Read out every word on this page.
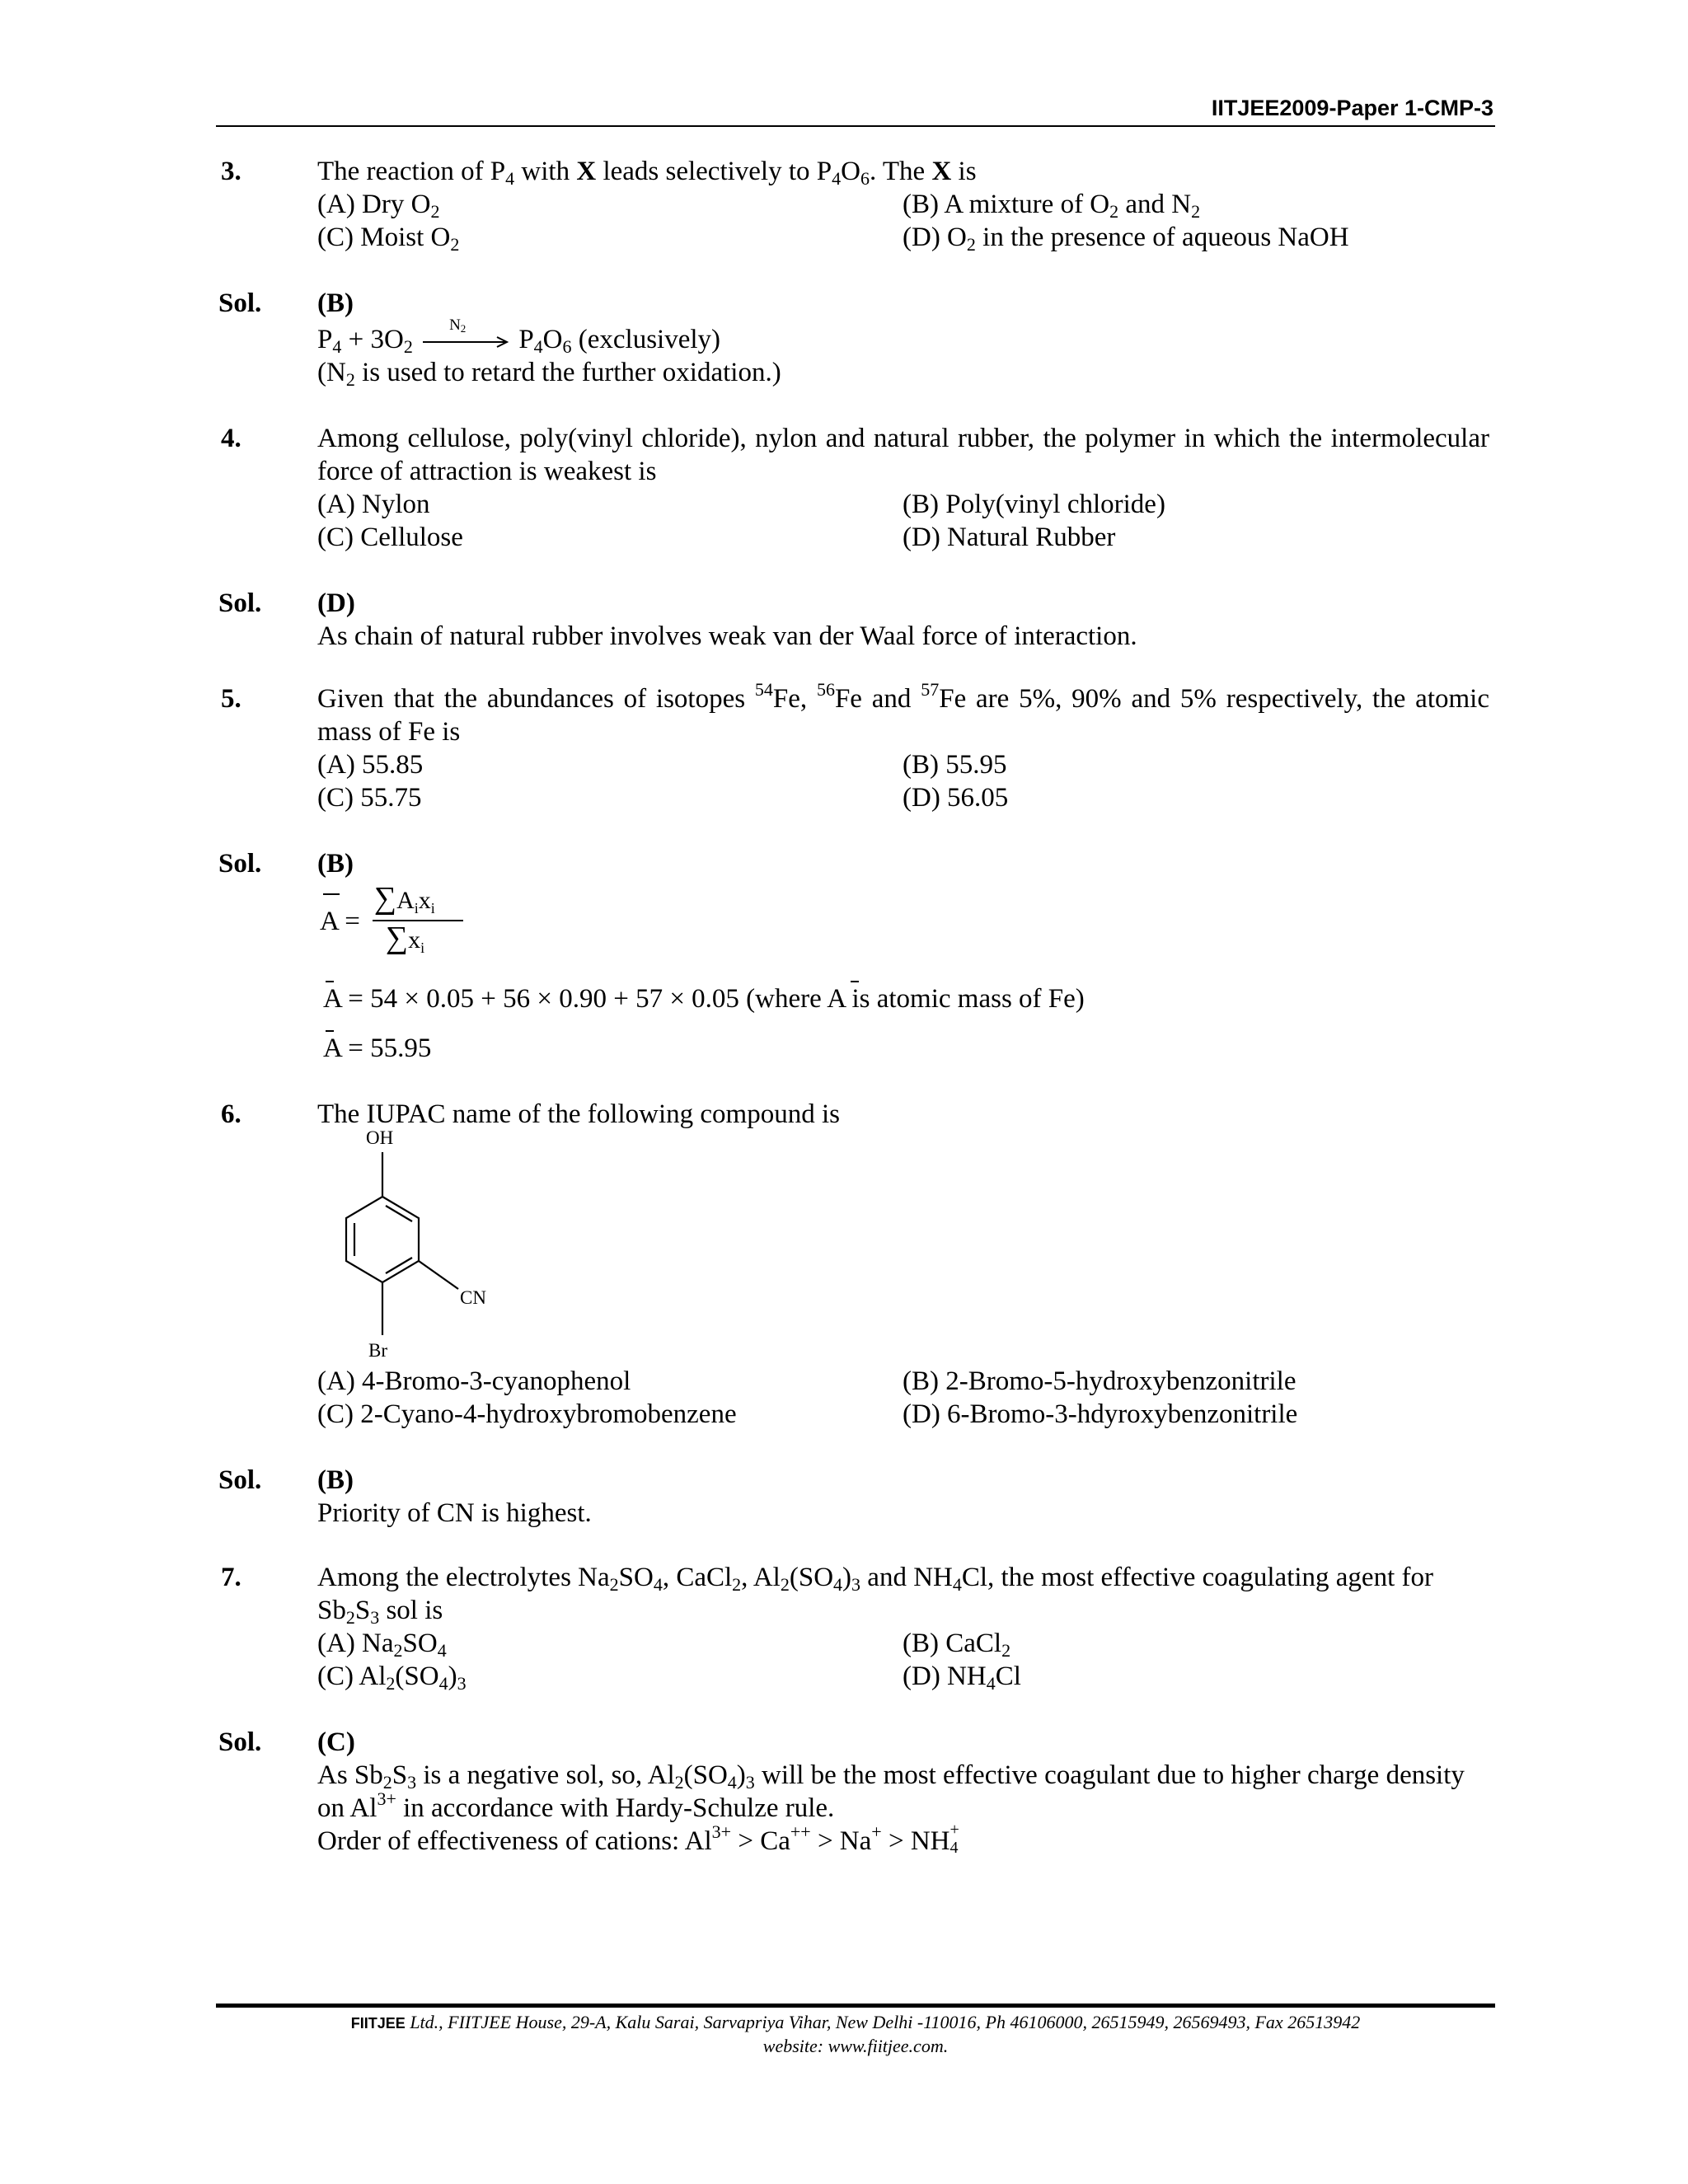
IITJEE2009-Paper 1-CMP-3
3.	The reaction of $P_4$ with X leads selectively to $P_4O_6$. The X is
(A) Dry $O_2$	(B) A mixture of $O_2$ and $N_2$
(C) Moist $O_2$	(D) $O_2$ in the presence of aqueous NaOH
Sol. (B)
$P_4 + 3O_2$
$N_2$ $P_4O_6$ (exclusively)
($N_2$ is used to retard the further oxidation.)
4.	Among cellulose, poly(vinyl chloride), nylon and natural rubber, the polymer in which the intermolecular force of attraction is weakest is
(A) Nylon	(B) Poly(vinyl chloride)
(C) Cellulose	(D) Natural Rubber
Sol. (D)
As chain of natural rubber involves weak van der Waal force of interaction.
5.	Given that the abundances of isotopes $^{54}$Fe, $^{56}$Fe and $^{57}$Fe are 5%, 90% and 5% respectively, the atomic mass of Fe is
(A) 55.85	(B) 55.95
(C) 55.75	(D) 56.05
Sol. (B)
A =
$\sum A_ix_i$
$\sum x_i$
A = 54 × 0.05 + 56 × 0.90 + 57 × 0.05 (where A is atomic mass of Fe)
A = 55.95
6.	The IUPAC name of the following compound is
OH
CN
Br
(A) 4-Bromo-3-cyanophenol	(B) 2-Bromo-5-hydroxybenzonitrile
(C) 2-Cyano-4-hydroxybromobenzene	(D) 6-Bromo-3-hdyroxybenzonitrile
Sol. (B)
Priority of CN is highest.
7.	Among the electrolytes $Na_2SO_4$, CaCl$_2$, $Al_2(SO_4)_3$ and $NH_4Cl$, the most effective coagulating agent for
$Sb_2S_3$ sol is
(A) $Na_2SO_4$	(B) CaCl$_2$
(C) $Al_2(SO_4)_3$	(D) $NH_4Cl$
Sol. (C)
As $Sb_2S_3$ is a negative sol, so, $Al_2(SO_4)_3$ will be the most effective coagulant due to higher charge density
on $Al^{3+}$ in accordance with Hardy-Schulze rule.
Order of effectiveness of cations: $Al^{3+} > Ca^{++} > Na^+$ > NH +
4
FIITJEE Ltd., FIITJEE House, 29-A, Kalu Sarai, Sarvapriya Vihar, New Delhi -110016, Ph 46106000, 26515949, 26569493, Fax 26513942
website: www.fiitjee.com.
